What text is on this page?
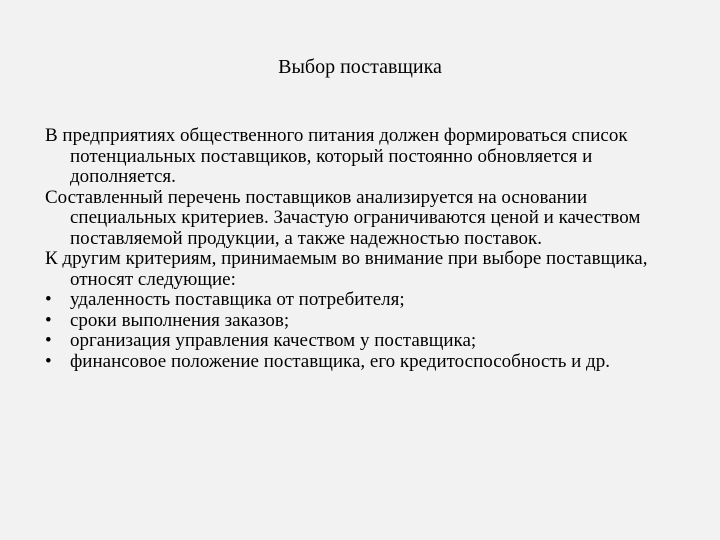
Выбор поставщика

В предприятиях общественного питания должен формироваться список потенциальных поставщиков, который постоянно обновляется и дополняется.

Составленный перечень поставщиков анализируется на основании специальных критериев. Зачастую ограничиваются ценой и качеством поставляемой продукции, а также надежностью поставок.

К другим критериям, принимаемым во внимание при выборе поставщика, относят следующие:

• удаленность поставщика от потребителя;

• сроки выполнения заказов;

• организация управления качеством у поставщика;

• финансовое положение поставщика, его кредитоспособность и др.
